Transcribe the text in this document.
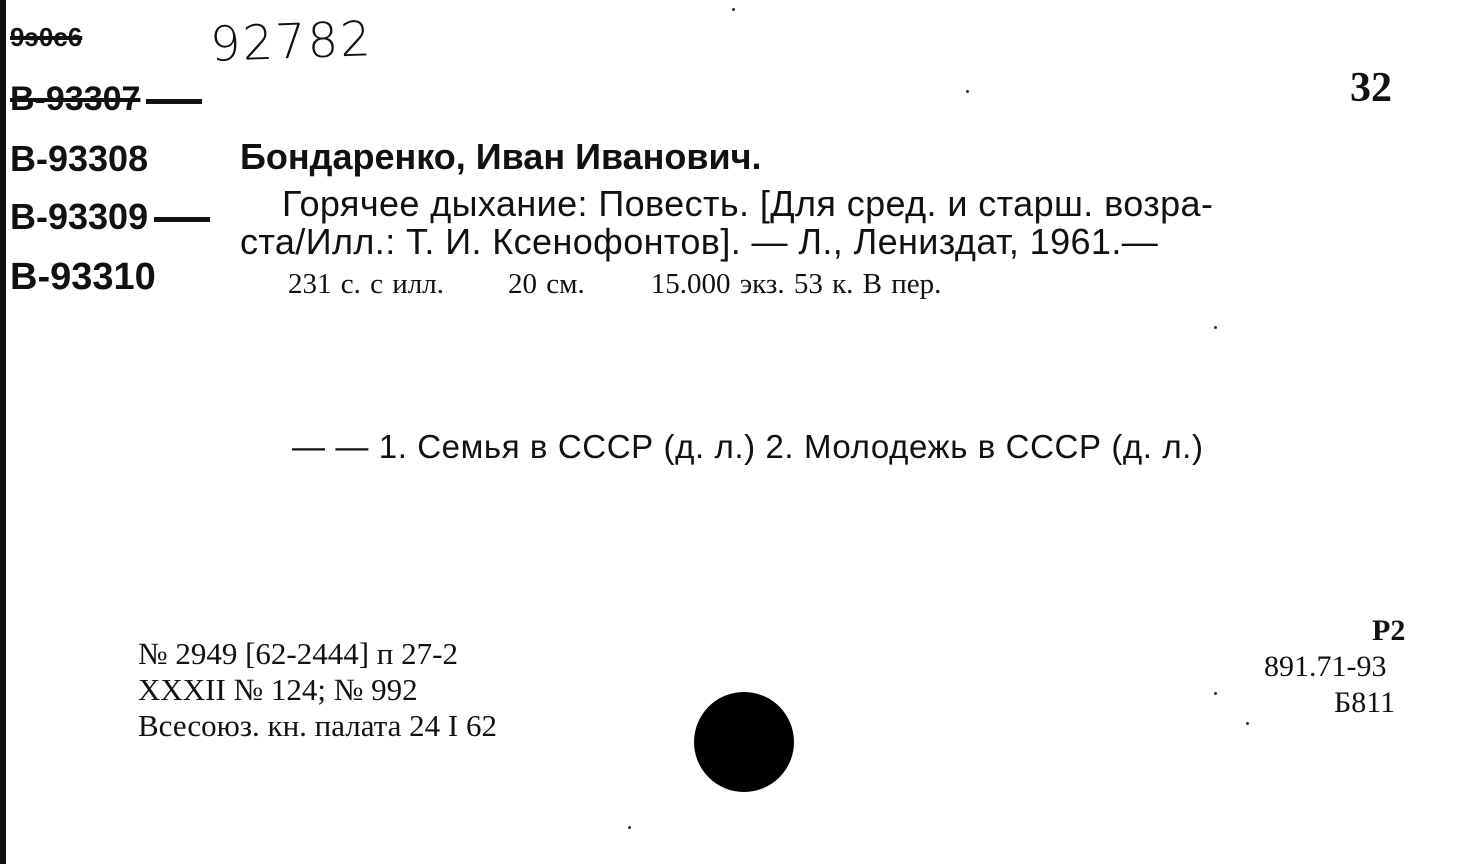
92782
9э0с6
В-93307
В-93308
В-93309
В-93310
32
Бондаренко, Иван Иванович.
Горячее дыхание: Повесть. [Для сред. и старш. возра-
ста/Илл.: Т. И. Ксенофонтов]. — Л., Лениздат, 1961.—
231 с. с илл. 20 см. 15.000 экз. 53 к. В пер.
— — 1. Семья в СССР (д. л.) 2. Молодежь в СССР (д. л.)
№ 2949 [62-2444] п 27-2
XXXII № 124; № 992
Всесоюз. кн. палата 24 I 62
Р2
891.71-93
Б811
